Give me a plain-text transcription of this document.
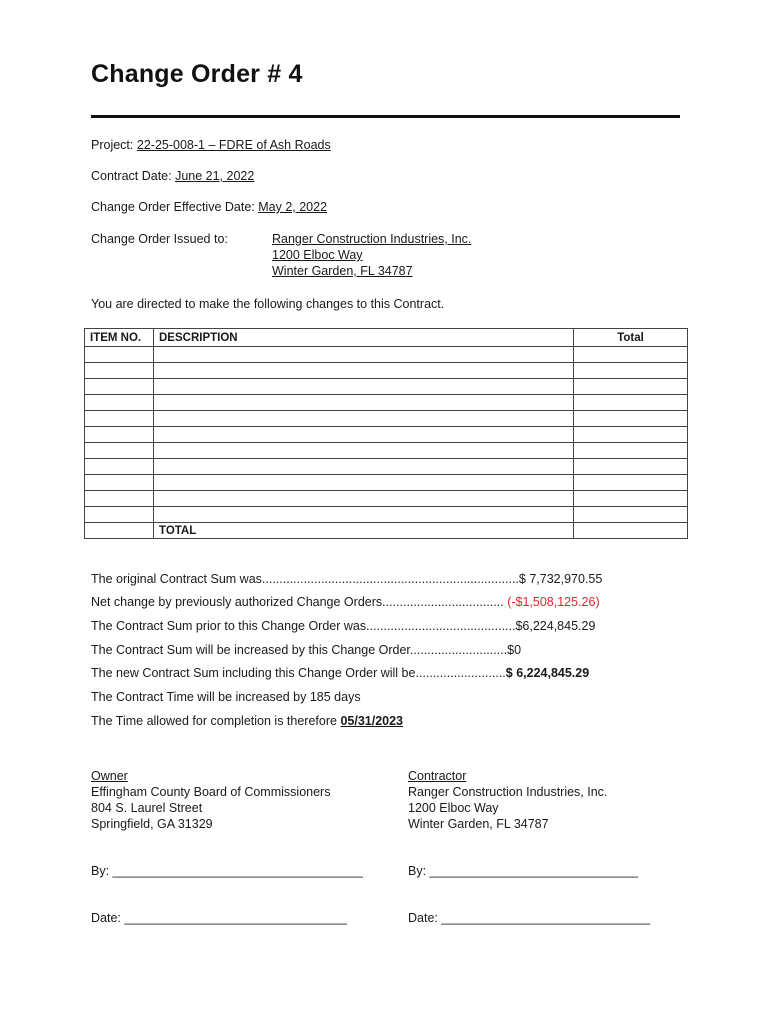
Change Order # 4
Project: 22-25-008-1 – FDRE of Ash Roads
Contract Date: June 21, 2022
Change Order Effective Date: May 2, 2022
Change Order Issued to:	Ranger Construction Industries, Inc.
1200 Elboc Way
Winter Garden, FL 34787
You are directed to make the following changes to this Contract.
ITEM NO.	DESCRIPTION	Total

	TOTAL	
The original Contract Sum was..........................................................................$ 7,732,970.55
Net change by previously authorized Change Orders................................... (-$1,508,125.26)
The Contract Sum prior to this Change Order was...........................................$6,224,845.29
The Contract Sum will be increased by this Change Order............................$0
The new Contract Sum including this Change Order will be..........................$ 6,224,845.29
The Contract Time will be increased by 185 days
The Time allowed for completion is therefore 05/31/2023
Owner
Effingham County Board of Commissioners
804 S. Laurel Street
Springfield, GA 31329
Contractor
Ranger Construction Industries, Inc.
1200 Elboc Way
Winter Garden, FL 34787
By: ____________________________________	By: ______________________________
Date: ________________________________	Date: ______________________________
